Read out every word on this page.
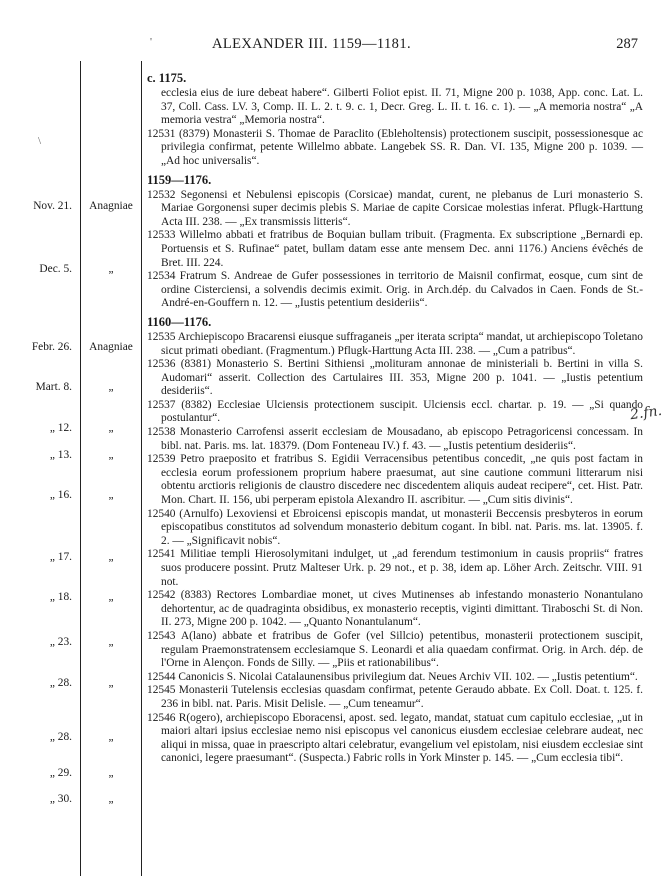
'	ALEXANDER III. 1159—1181.	287
\
Nov. 21.
Dec. 5.
Febr. 26.
Mart. 8.
„ 12.
„ 13.
„ 16.
„ 17.
„ 18.
„ 23.
„ 28.
„ 28.
„ 29.
„ 30.
Anagniae
„
Anagniae
„
„
„
„
„
„
„
„
„
„
„
c. 1175.
ecclesia eius de iure debeat habere“. Gilberti Foliot epist. II. 71, Migne 200 p. 1038, App. conc. Lat. L. 37, Coll. Cass. LV. 3, Comp. II. L. 2. t. 9. c. 1, Decr. Greg. L. II. t. 16. c. 1). — „A memoria nostra“ „A memoria vestra“ „Memoria nostra“.
12531 (8379) Monasterii S. Thomae de Paraclito (Ebleholtensis) protectionem suscipit, possessionesque ac privilegia confirmat, petente Willelmo abbate. Langebek SS. R. Dan. VI. 135, Migne 200 p. 1039. — „Ad hoc universalis“.
1159—1176.
12532 Segonensi et Nebulensi episcopis (Corsicae) mandat, curent, ne plebanus de Luri monasterio S. Mariae Gorgonensi super decimis plebis S. Mariae de capite Corsicae molestias inferat. Pflugk-Harttung Acta III. 238. — „Ex transmissis litteris“.
12533 Willelmo abbati et fratribus de Boquian bullam tribuit. (Fragmenta. Ex subscriptione „Bernardi ep. Portuensis et S. Rufinae“ patet, bullam datam esse ante mensem Dec. anni 1176.) Anciens évêchés de Bret. III. 224.
12534 Fratrum S. Andreae de Gufer possessiones in territorio de Maisnil confirmat, eosque, cum sint de ordine Cisterciensi, a solvendis decimis eximit. Orig. in Arch.dép. du Calvados in Caen. Fonds de St.-André-en-Gouffern n. 12. — „Iustis petentium desideriis“.
1160—1176.
12535 Archiepiscopo Bracarensi eiusque suffraganeis „per iterata scripta“ mandat, ut archiepiscopo Toletano sicut primati obediant. (Fragmentum.) Pflugk-Harttung Acta III. 238. — „Cum a patribus“.
12536 (8381) Monasterio S. Bertini Sithiensi „molituram annonae de ministeriali b. Bertini in villa S. Audomari“ asserit. Collection des Cartulaires III. 353, Migne 200 p. 1041. — „Iustis petentium desideriis“.
12537 (8382) Ecclesiae Ulciensis protectionem suscipit. Ulciensis eccl. chartar. p. 19. — „Si quando postulantur“.
12538 Monasterio Carrofensi asserit ecclesiam de Mousadano, ab episcopo Petragoricensi concessam. In bibl. nat. Paris. ms. lat. 18379. (Dom Fonteneau IV.) f. 43. — „Iustis petentium desideriis“.
12539 Petro praeposito et fratribus S. Egidii Verracensibus petentibus concedit, „ne quis post factam in ecclesia eorum professionem proprium habere praesumat, aut sine cautione communi litterarum nisi obtentu arctioris religionis de claustro discedere nec discedentem aliquis audeat recipere“, cet. Hist. Patr. Mon. Chart. II. 156, ubi perperam epistola Alexandro II. ascribitur. — „Cum sitis divinis“.
12540 (Arnulfo) Lexoviensi et Ebroicensi episcopis mandat, ut monasterii Beccensis presbyteros in eorum episcopatibus constitutos ad solvendum monasterio debitum cogant. In bibl. nat. Paris. ms. lat. 13905. f. 2. — „Significavit nobis“.
12541 Militiae templi Hierosolymitani indulget, ut „ad ferendum testimonium in causis propriis“ fratres suos producere possint. Prutz Malteser Urk. p. 29 not., et p. 38, idem ap. Löher Arch. Zeitschr. VIII. 91 not.
12542 (8383) Rectores Lombardiae monet, ut cives Mutinenses ab infestando monasterio Nonantulano dehortentur, ac de quadraginta obsidibus, ex monasterio receptis, viginti dimittant. Tiraboschi St. di Non. II. 273, Migne 200 p. 1042. — „Quanto Nonantulanum“.
12543 A(lano) abbate et fratribus de Gofer (vel Sillcio) petentibus, monasterii protectionem suscipit, regulam Praemonstratensem ecclesiamque S. Leonardi et alia quaedam confirmat. Orig. in Arch. dép. de l'Orne in Alençon. Fonds de Silly. — „Piis et rationabilibus“.
12544 Canonicis S. Nicolai Catalaunensibus privilegium dat. Neues Archiv VII. 102. — „Iustis petentium“.
12545 Monasterii Tutelensis ecclesias quasdam confirmat, petente Geraudo abbate. Ex Coll. Doat. t. 125. f. 236 in bibl. nat. Paris. Misit Delisle. — „Cum teneamur“.
12546 R(ogero), archiepiscopo Eboracensi, apost. sed. legato, mandat, statuat cum capitulo ecclesiae, „ut in maiori altari ipsius ecclesiae nemo nisi episcopus vel canonicus eiusdem ecclesiae celebrare audeat, nec aliqui in missa, quae in praescripto altari celebratur, evangelium vel epistolam, nisi eiusdem ecclesiae sint canonici, legere praesumant“. (Suspecta.) Fabric rolls in York Minster p. 145. — „Cum ecclesia tibi“.
2.fn.
